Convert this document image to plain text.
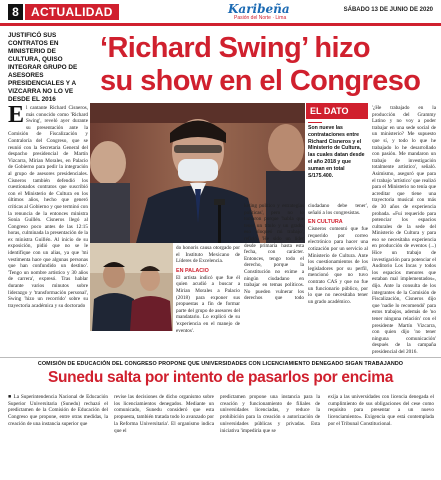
8	ACTUALIDAD	Karibeña
Pasión del Norte · Lima
SÁBADO 13 DE JUNIO DE 2020
JUSTIFICÓ SUS CONTRATOS EN MINISTERIO DE CULTURA, QUISO INTEGRAR GRUPO DE ASESORES PRESIDENCIALES Y A VIZCARRA NO LO VE DESDE EL 2016
‘Richard Swing’ hizo
su show en el Congreso
El cantante Richard Cisneros, más conocido como 'Richard Swing', reveló ayer durante su presentación ante la Comisión de Fiscalización y Contraloría del Congreso, que se reunió con la Secretaria General del despacho presidencial de Martín Vizcarra, Mirian Morales, en Palacio de Gobierno para pedir la integración al grupo de asesores presidenciales. Cisneros también defendió los cuestionados contratos que suscribió con el Ministerio de Cultura en los últimos años, hecho que generó críticas al Gobierno y que terminó con la renuncia de la entonces ministra Sonia Guillén. Cisneros llegó al Congreso poco antes de las 12:15 horas, culminada la presentación de la ex ministra Guillén. Al inicio de su exposición, pidió que no se le identifique con un alias, ya que 'mi vestimenta hace que algunas personas que han confundido un destino'. 'Tengo un nombre artístico y 30 años de carrera', expresó. Tras hablar durante varios minutos sobre liderazgo y 'transformación personal', Swing 'hizo un recorrido' sobre su trayectoria académica y su doctorado
EL DATO
Son nueve las contrataciones entre Richard Cisneros y el Ministerio de Cultura, las cuales datan desde el año 2018 y que suman en total S/175.400.
'¿He trabajado en la producción del Grammy Latino y no voy a poder trabajar en una sede social de un ministerio? Me supuesto que sí, y todo lo que he trabajado lo he desarrollado con pasión. Me mandaron un trabajo de investigación totalmente artístico', señaló. Asimismo, aseguró que para el trabajo 'artístico' que realizó para el Ministerio no tenía que acreditar que tiene una trayectoria musical con más de 30 años de experiencia probada. «Fui requerido para potenciar los espacios culturales de la sede del Ministerio de Cultura y para eso se necesitaba experiencia en producción de eventos (...) Hice un trabajo de investigación para potenciar el Auditorio Los Incas y todos los espacios menores que estaban mal implementados», dijo. Ante la consulta de los integrantes de la Comisión de Fiscalización, Cisneros dijo que 'nadie lo recomendó' para estos trabajos, además de 'no tener ninguna relación' con el presidente Martín Vizcarra, con quien dijo 'no tener ninguna comunicación' después de la campaña presidencial del 2016.
do honoris causa otorgado por el Instituto Mexicano de Líderes de Excelencia.
EN PALACIO
El artista indicó que fue él quien acudió a buscar a Mirian Morales a Palacio (2018) para exponer sus propuestas a fin de formar parte del grupo de asesores del mandatario. Lo explicó de su 'experiencia en el manejo de eventos'.
keting político y estrategias políticas', pero no lo tomaron porque 'habla que tener un título y un grado, eso bloqueó mi trabajo', refirió. 'He sido un líder desde primaria hasta esta fecha, con carácter. Entonces, tengo todo el derecho, porque la Constitución no exime a ningún ciudadano en trabajar en temas políticos. No pueden vulnerar los derechos que todo ciudadano debe tener', señaló a los congresistas.
EN CULTURA
Cisneros comentó que fue requerido por correo electrónico para hacer una cotización por un servicio al Ministerio de Cultura. Ante los cuestionamientos de los legisladores por su perfil, mencionó que no tuvo contrato CAS y que no fue un funcionario público, por lo que no necesitaba tener un grado académico.
COMISIÓN DE EDUCACIÓN DEL CONGRESO PROPONE QUE UNIVERSIDADES CON LICENCIAMIENTO DENEGADO SIGAN TRABAJANDO
Sunedu salta por intento de pasarlos por encima
■ La Superintendencia Nacional de Educación Superior Universitaria (Sunedu) rechazó el predictamen de la Comisión de Educación del Congreso que propone, entre otras medidas, la creación de una instancia superior que
revise las decisiones de dicho organismo sobre los licenciamientos denegados. Mediante un comunicado, Sunedu consideró que esta propuesta, también tratada todo lo avanzado por la Reforma Universitaria'. El organismo indica que el
predictamen propone una instancia para la creación y funcionamiento de filiales de universidades licenciadas, y reduce la prohibición para la creación o autorización de universidades públicas y privadas. Esta iniciativa 'impediría que se
exija a las universidades con licencia denegada el cumplimiento de sus obligaciones del cese como requisito para presentar a un nuevo licenciamiento». Exigencia que está contemplada por el Tribunal Constitucional.
